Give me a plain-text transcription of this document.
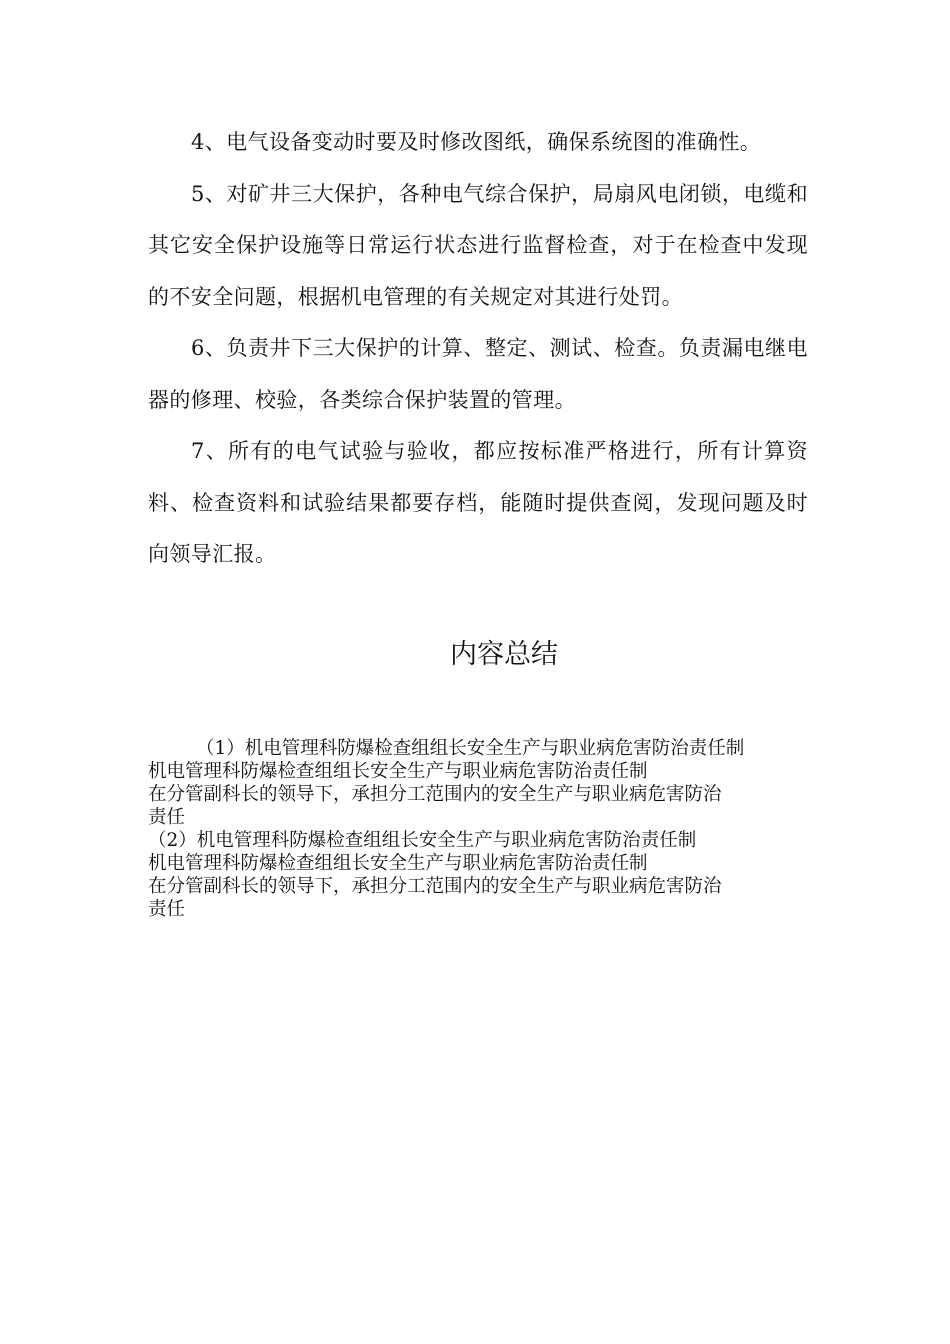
4、电气设备变动时要及时修改图纸，确保系统图的准确性。

5、对矿井三大保护，各种电气综合保护，局扇风电闭锁，电缆和其它安全保护设施等日常运行状态进行监督检查，对于在检查中发现的不安全问题，根据机电管理的有关规定对其进行处罚。

6、负责井下三大保护的计算、整定、测试、检查。负责漏电继电器的修理、校验，各类综合保护装置的管理。

7、所有的电气试验与验收，都应按标准严格进行，所有计算资料、检查资料和试验结果都要存档，能随时提供查阅，发现问题及时向领导汇报。

内容总结

（1）机电管理科防爆检查组组长安全生产与职业病危害防治责任制

机电管理科防爆检查组组长安全生产与职业病危害防治责任制

在分管副科长的领导下，承担分工范围内的安全生产与职业病危害防治

责任

（2）机电管理科防爆检查组组长安全生产与职业病危害防治责任制

机电管理科防爆检查组组长安全生产与职业病危害防治责任制

在分管副科长的领导下，承担分工范围内的安全生产与职业病危害防治

责任
